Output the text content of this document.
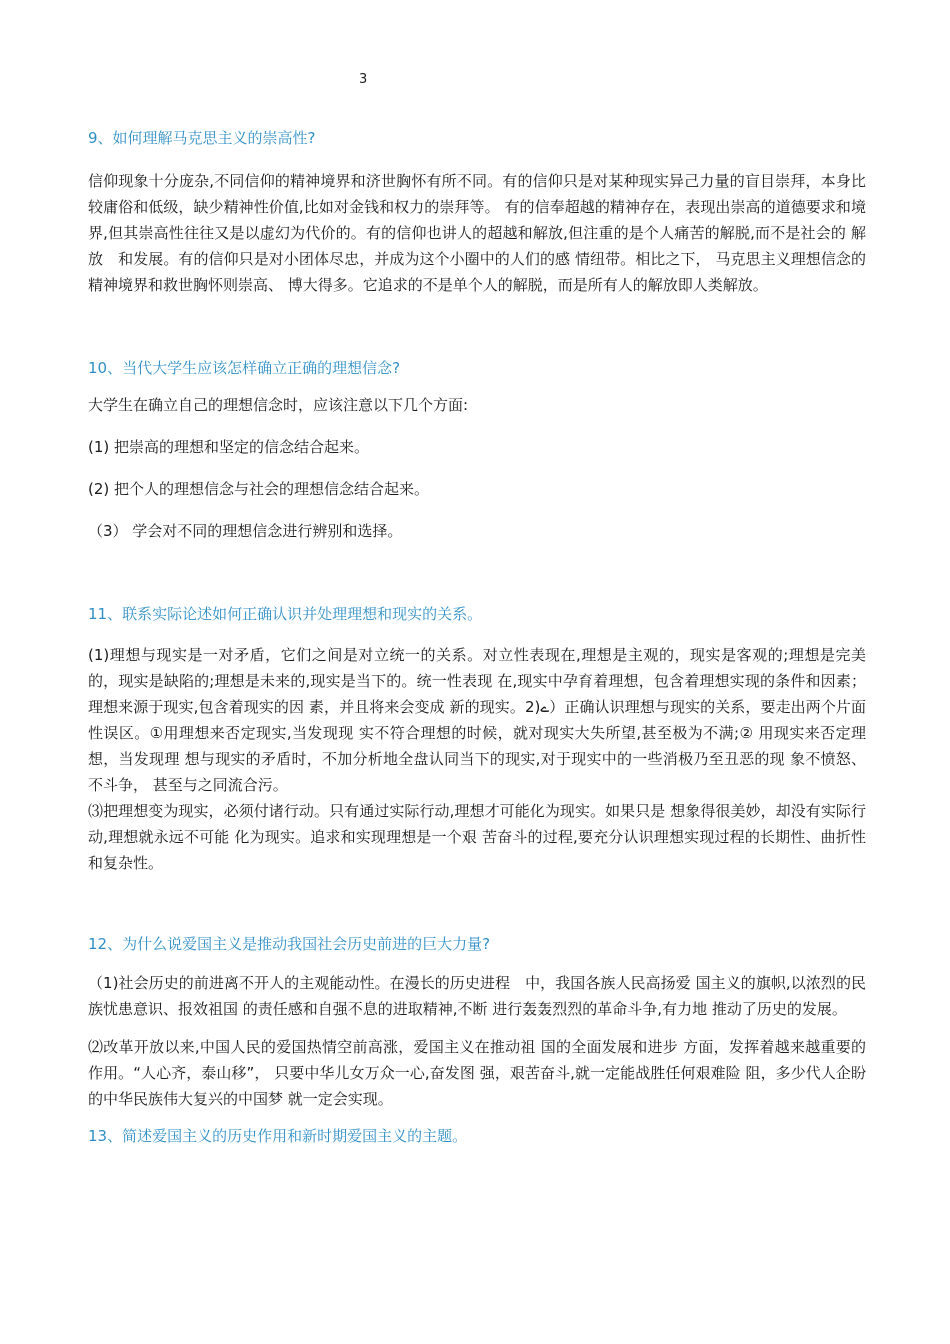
3
9、如何理解马克思主义的崇高性?

信仰现象十分庞杂,不同信仰的精神境界和济世胸怀有所不同。有的信仰只是对某种现实异己力量的盲目崇拜，本身比较庸俗和低级，缺少精神性价值,比如对金钱和权力的崇拜等。 有的信奉超越的精神存在，表现出崇高的道德要求和境界,但其崇高性往往又是以虚幻为代价的。有的信仰也讲人的超越和解放,但注重的是个人痛苦的解脱,而不是社会的 解放　和发展。有的信仰只是对小团体尽忠，并成为这个小圈中的人们的感 情纽带。相比之下， 马克思主义理想信念的精神境界和救世胸怀则崇高、 博大得多。它追求的不是单个人的解脱，而是所有人的解放即人类解放。

10、当代大学生应该怎样确立正确的理想信念?

大学生在确立自己的理想信念时，应该注意以下几个方面:

(1) 把崇高的理想和坚定的信念结合起来。

(2) 把个人的理想信念与社会的理想信念结合起来。

（3） 学会对不同的理想信念进行辨别和选择。

11、联系实际论述如何正确认识并处理理想和现实的关系。

(1)理想与现实是一对矛盾，它们之间是对立统一的关系。对立性表现在,理想是主观的，现实是客观的;理想是完美的，现实是缺陷的;理想是未来的,现实是当下的。统一性表现 在,现实中孕育着理想，包含着理想实现的条件和因素；理想来源于现实,包含着现实的因 素，并且将来会变成 新的现实。2)ے）正确认识理想与现实的关系，要走出两个片面性误区。①用理想来否定现实,当发现现 实不符合理想的时候，就对现实大失所望,甚至极为不满;② 用现实来否定理想，当发现理 想与现实的矛盾时，不加分析地全盘认同当下的现实,对于现实中的一些消极乃至丑恶的现 象不愤怒、不斗争， 甚至与之同流合污。

⑶把理想变为现实，必须付诸行动。只有通过实际行动,理想才可能化为现实。如果只是 想象得很美妙，却没有实际行动,理想就永远不可能 化为现实。追求和实现理想是一个艰 苦奋斗的过程,要充分认识理想实现过程的长期性、曲折性和复杂性。

12、为什么说爱国主义是推动我国社会历史前进的巨大力量?

（1)社会历史的前进离不开人的主观能动性。在漫长的历史进程　中，我国各族人民高扬爱 国主义的旗帜,以浓烈的民族忧患意识、报效祖国 的责任感和自强不息的进取精神,不断 进行轰轰烈烈的革命斗争,有力地 推动了历史的发展。

⑵改革开放以来,中国人民的爱国热情空前高涨，爱国主义在推动祖 国的全面发展和进步 方面，发挥着越来越重要的作用。“人心齐，泰山移”， 只要中华儿女万众一心,奋发图 强，艰苦奋斗,就一定能战胜任何艰难险 阻，多少代人企盼的中华民族伟大复兴的中国梦 就一定会实现。

13、简述爱国主义的历史作用和新时期爱国主义的主题。
